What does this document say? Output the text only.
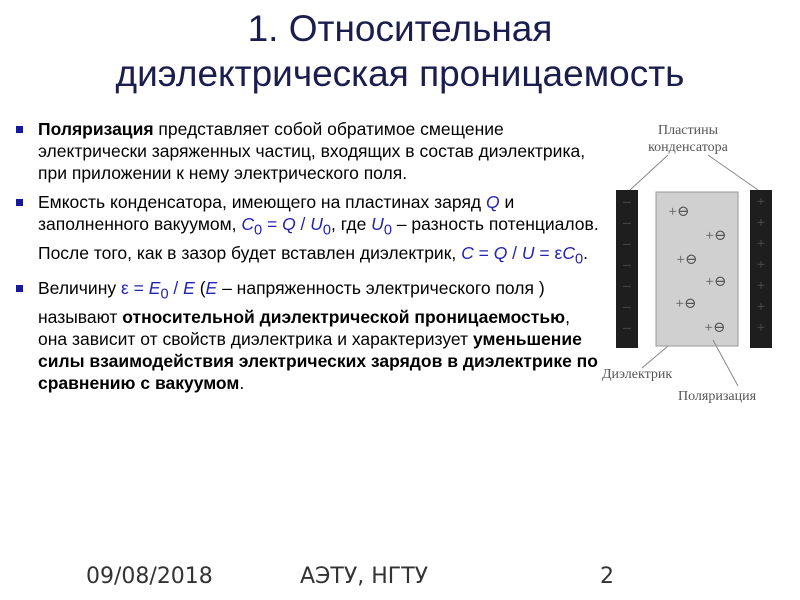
1. Относительная
диэлектрическая проницаемость
Поляризация представляет собой обратимое смещение электрически заряженных частиц, входящих в состав диэлектрика, при приложении к нему электрического поля.
Емкость конденсатора, имеющего на пластинах заряд Q и заполненного вакуумом, $C_0 = Q / U_0$, где $U_0$ – разность потенциалов. После того, как в зазор будет вставлен диэлектрик, $C = Q / U = \varepsilon C_0$.
Величину $\varepsilon = E_0 / E$ (E – напряженность электрического поля ) называют относительной диэлектрической проницаемостью, она зависит от свойств диэлектрика и характеризует уменьшение силы взаимодействия электрических зарядов в диэлектрике по сравнению с вакуумом.
Пластины
конденсатора
–
–
–
–
–
–
–
+
+
+
+
+
+
+
+⊖
+⊖
+⊖
+⊖
+⊖
+⊖
Диэлектрик
Поляризация
09/08/2018	АЭТУ, НГТУ	2
